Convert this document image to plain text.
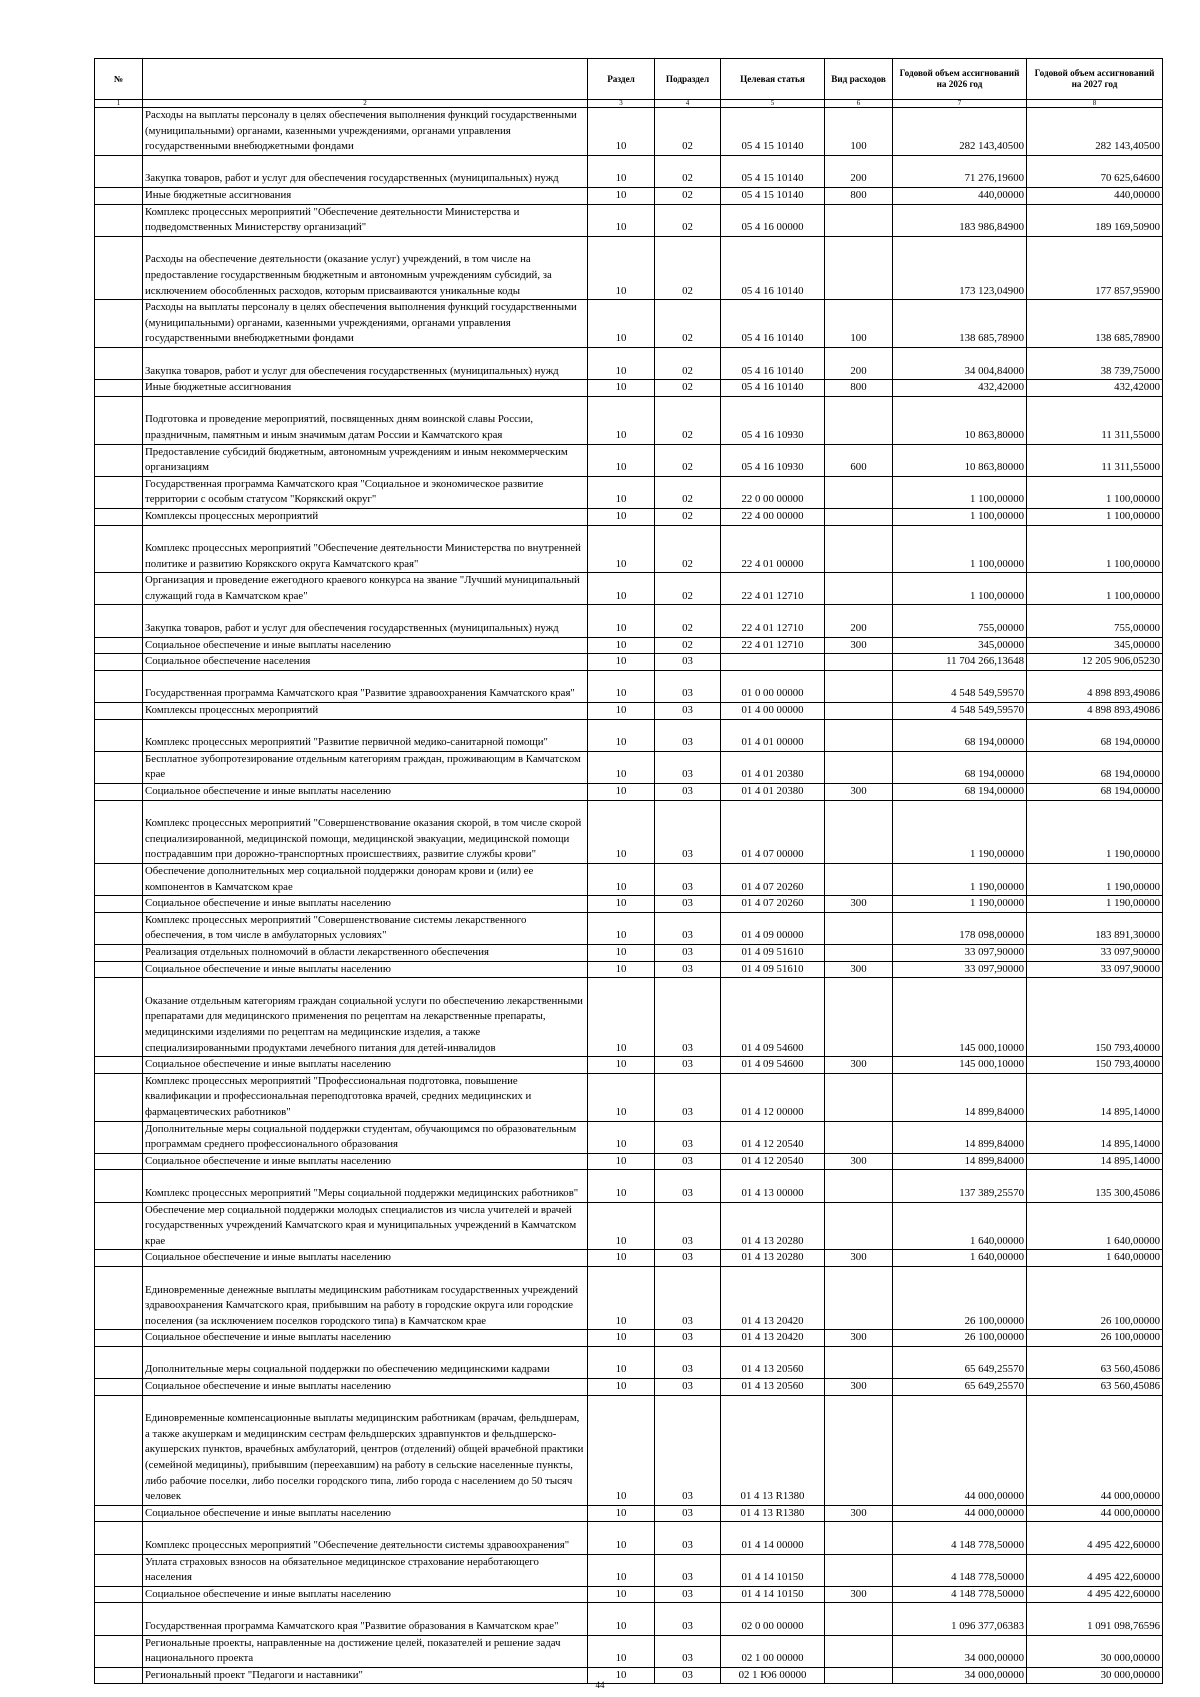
№		Раздел	Подраздел	Целевая статья	Вид расходов	Годовой объем ассигнований на 2026 год	Годовой объем ассигнований на 2027 год
1	2	3	4	5	6	7	8
	Расходы на выплаты персоналу в целях обеспечения выполнения функций государственными (муниципальными) органами, казенными учреждениями, органами управления государственными внебюджетными фондами	10	02	05 4 15 10140	100	282 143,40500	282 143,40500
	Закупка товаров, работ и услуг для обеспечения государственных (муниципальных) нужд	10	02	05 4 15 10140	200	71 276,19600	70 625,64600
	Иные бюджетные ассигнования	10	02	05 4 15 10140	800	440,00000	440,00000
	Комплекс процессных мероприятий "Обеспечение деятельности Министерства и подведомственных Министерству организаций"	10	02	05 4 16 00000		183 986,84900	189 169,50900
	Расходы на обеспечение деятельности (оказание услуг) учреждений, в том числе на предоставление государственным бюджетным и автономным учреждениям субсидий, за исключением обособленных расходов, которым присваиваются уникальные коды	10	02	05 4 16 10140		173 123,04900	177 857,95900
	Расходы на выплаты персоналу в целях обеспечения выполнения функций государственными (муниципальными) органами, казенными учреждениями, органами управления государственными внебюджетными фондами	10	02	05 4 16 10140	100	138 685,78900	138 685,78900
	Закупка товаров, работ и услуг для обеспечения государственных (муниципальных) нужд	10	02	05 4 16 10140	200	34 004,84000	38 739,75000
	Иные бюджетные ассигнования	10	02	05 4 16 10140	800	432,42000	432,42000
	Подготовка и проведение мероприятий, посвященных дням воинской славы России, праздничным, памятным и иным значимым датам России и Камчатского края	10	02	05 4 16 10930		10 863,80000	11 311,55000
	Предоставление субсидий бюджетным, автономным учреждениям и иным некоммерческим организациям	10	02	05 4 16 10930	600	10 863,80000	11 311,55000
	Государственная программа Камчатского края "Социальное и экономическое развитие территории с особым статусом "Корякский округ"	10	02	22 0 00 00000		1 100,00000	1 100,00000
	Комплексы процессных мероприятий	10	02	22 4 00 00000		1 100,00000	1 100,00000
	Комплекс процессных мероприятий "Обеспечение деятельности Министерства по внутренней политике и развитию Корякского округа Камчатского края"	10	02	22 4 01 00000		1 100,00000	1 100,00000
	Организация и проведение ежегодного краевого конкурса на звание "Лучший муниципальный служащий года в Камчатском крае"	10	02	22 4 01 12710		1 100,00000	1 100,00000
	Закупка товаров, работ и услуг для обеспечения государственных (муниципальных) нужд	10	02	22 4 01 12710	200	755,00000	755,00000
	Социальное обеспечение и иные выплаты населению	10	02	22 4 01 12710	300	345,00000	345,00000
	Социальное обеспечение населения	10	03			11 704 266,13648	12 205 906,05230
	Государственная программа Камчатского края "Развитие здравоохранения Камчатского края"	10	03	01 0 00 00000		4 548 549,59570	4 898 893,49086
	Комплексы процессных мероприятий	10	03	01 4 00 00000		4 548 549,59570	4 898 893,49086
	Комплекс процессных мероприятий "Развитие первичной медико-санитарной помощи"	10	03	01 4 01 00000		68 194,00000	68 194,00000
	Бесплатное зубопротезирование отдельным категориям граждан, проживающим в Камчатском крае	10	03	01 4 01 20380		68 194,00000	68 194,00000
	Социальное обеспечение и иные выплаты населению	10	03	01 4 01 20380	300	68 194,00000	68 194,00000
	Комплекс процессных мероприятий "Совершенствование оказания скорой, в том числе скорой специализированной, медицинской помощи, медицинской эвакуации, медицинской помощи пострадавшим при дорожно-транспортных происшествиях, развитие службы крови"	10	03	01 4 07 00000		1 190,00000	1 190,00000
	Обеспечение дополнительных мер социальной поддержки донорам крови и (или) ее компонентов в Камчатском крае	10	03	01 4 07 20260		1 190,00000	1 190,00000
	Социальное обеспечение и иные выплаты населению	10	03	01 4 07 20260	300	1 190,00000	1 190,00000
	Комплекс процессных мероприятий "Совершенствование системы лекарственного обеспечения, в том числе в амбулаторных условиях"	10	03	01 4 09 00000		178 098,00000	183 891,30000
	Реализация отдельных полномочий в области лекарственного обеспечения	10	03	01 4 09 51610		33 097,90000	33 097,90000
	Социальное обеспечение и иные выплаты населению	10	03	01 4 09 51610	300	33 097,90000	33 097,90000
	Оказание отдельным категориям граждан социальной услуги по обеспечению лекарственными препаратами для медицинского применения по рецептам на лекарственные препараты, медицинскими изделиями по рецептам на медицинские изделия, а также специализированными продуктами лечебного питания для детей-инвалидов	10	03	01 4 09 54600		145 000,10000	150 793,40000
	Социальное обеспечение и иные выплаты населению	10	03	01 4 09 54600	300	145 000,10000	150 793,40000
	Комплекс процессных мероприятий "Профессиональная подготовка, повышение квалификации и профессиональная переподготовка врачей, средних медицинских и фармацевтических работников"	10	03	01 4 12 00000		14 899,84000	14 895,14000
	Дополнительные меры социальной поддержки студентам, обучающимся по образовательным программам среднего профессионального образования	10	03	01 4 12 20540		14 899,84000	14 895,14000
	Социальное обеспечение и иные выплаты населению	10	03	01 4 12 20540	300	14 899,84000	14 895,14000
	Комплекс процессных мероприятий "Меры социальной поддержки медицинских работников"	10	03	01 4 13 00000		137 389,25570	135 300,45086
	Обеспечение мер социальной поддержки молодых специалистов из числа учителей и врачей государственных учреждений Камчатского края и муниципальных учреждений в Камчатском крае	10	03	01 4 13 20280		1 640,00000	1 640,00000
	Социальное обеспечение и иные выплаты населению	10	03	01 4 13 20280	300	1 640,00000	1 640,00000
	Единовременные денежные выплаты медицинским работникам государственных учреждений здравоохранения Камчатского края, прибывшим на работу в городские округа или городские поселения (за исключением поселков городского типа) в Камчатском крае	10	03	01 4 13 20420		26 100,00000	26 100,00000
	Социальное обеспечение и иные выплаты населению	10	03	01 4 13 20420	300	26 100,00000	26 100,00000
	Дополнительные меры социальной поддержки по обеспечению медицинскими кадрами	10	03	01 4 13 20560		65 649,25570	63 560,45086
	Социальное обеспечение и иные выплаты населению	10	03	01 4 13 20560	300	65 649,25570	63 560,45086
	Единовременные компенсационные выплаты медицинским работникам (врачам, фельдшерам, а также акушеркам и медицинским сестрам фельдшерских здравпунктов и фельдшерско-акушерских пунктов, врачебных амбулаторий, центров (отделений) общей врачебной практики (семейной медицины), прибывшим (переехавшим) на работу в сельские населенные пункты, либо рабочие поселки, либо поселки городского типа, либо города с населением до 50 тысяч человек	10	03	01 4 13 R1380		44 000,00000	44 000,00000
	Социальное обеспечение и иные выплаты населению	10	03	01 4 13 R1380	300	44 000,00000	44 000,00000
	Комплекс процессных мероприятий "Обеспечение деятельности системы здравоохранения"	10	03	01 4 14 00000		4 148 778,50000	4 495 422,60000
	Уплата страховых взносов на обязательное медицинское страхование неработающего населения	10	03	01 4 14 10150		4 148 778,50000	4 495 422,60000
	Социальное обеспечение и иные выплаты населению	10	03	01 4 14 10150	300	4 148 778,50000	4 495 422,60000
	Государственная программа Камчатского края "Развитие образования в Камчатском крае"	10	03	02 0 00 00000		1 096 377,06383	1 091 098,76596
	Региональные проекты, направленные на достижение целей, показателей и решение задач национального проекта	10	03	02 1 00 00000		34 000,00000	30 000,00000
	Региональный проект "Педагоги и наставники"	10	03	02 1 Ю6 00000		34 000,00000	30 000,00000
44
